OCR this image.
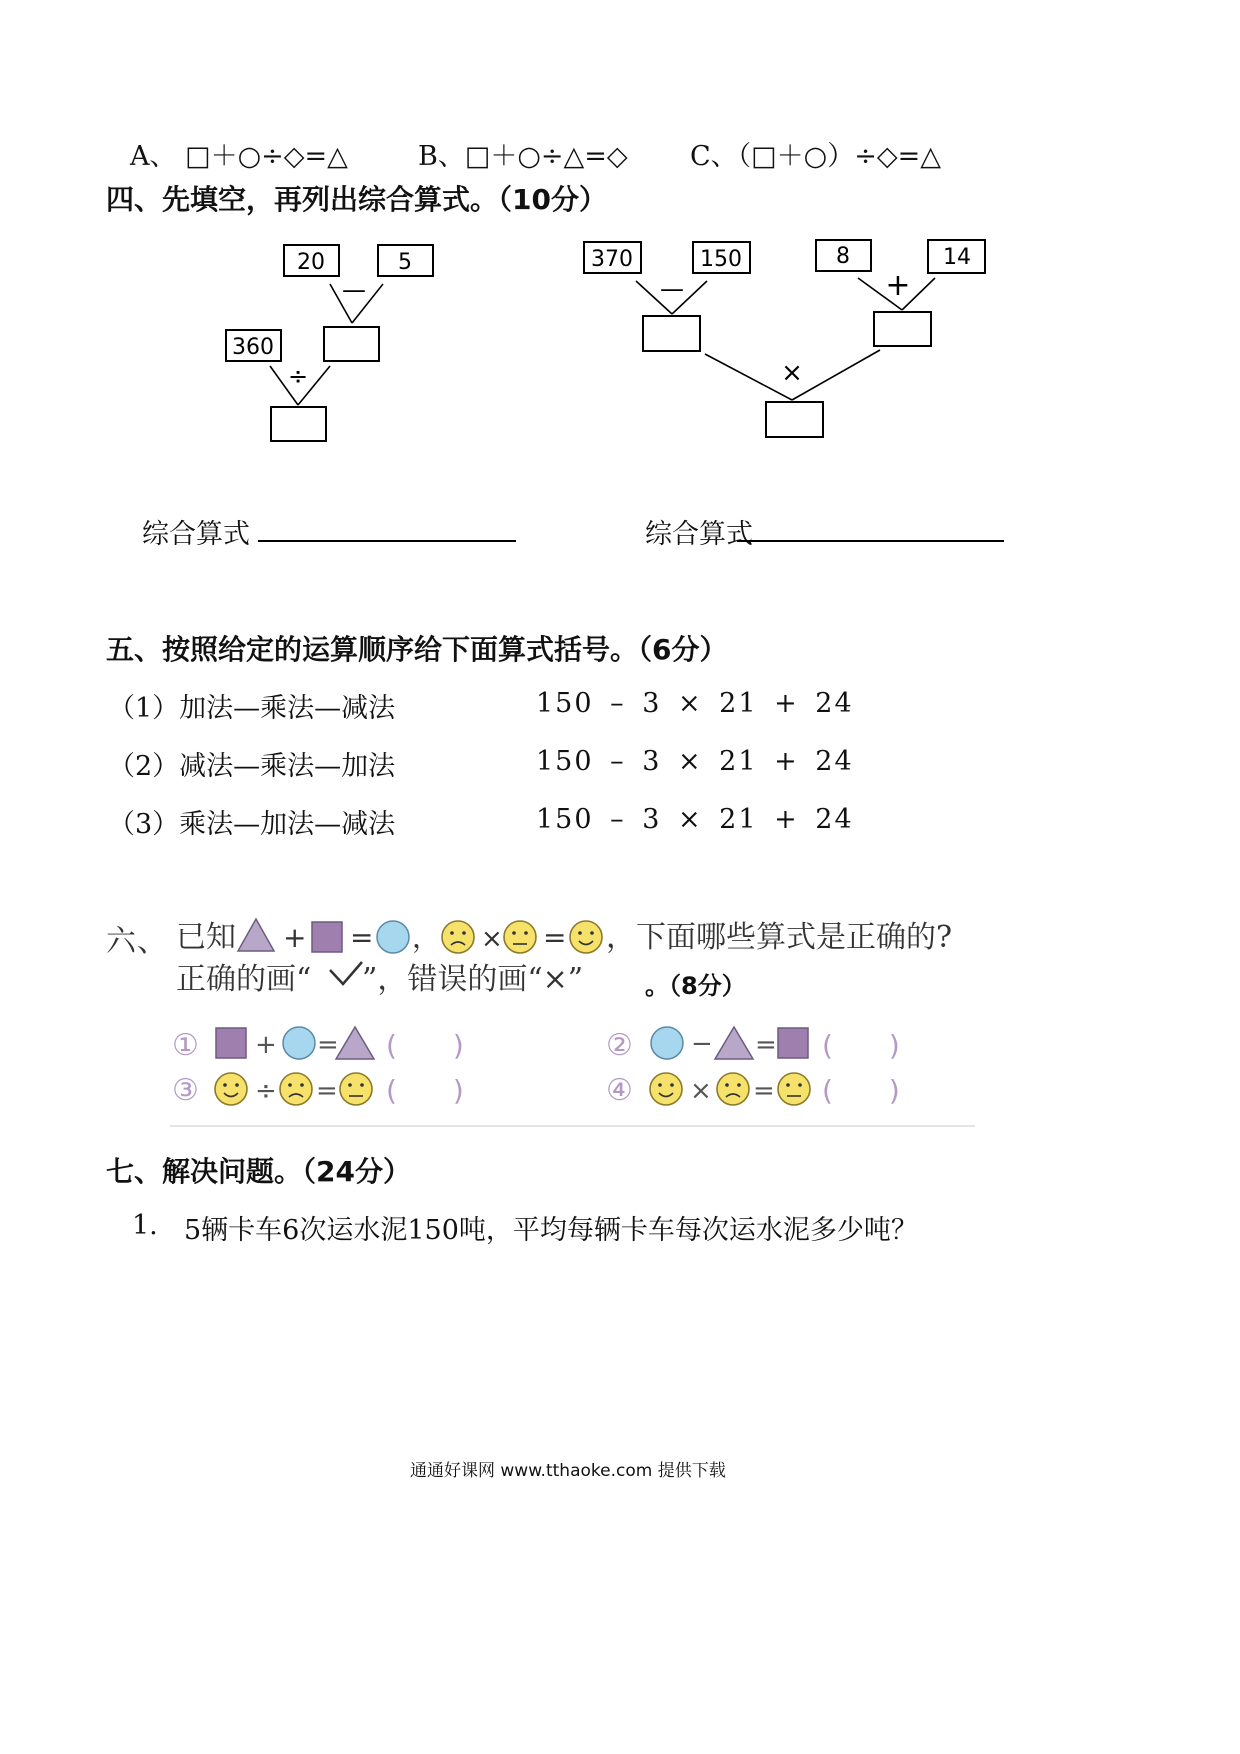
A、 □＋○÷◇=△	B、□＋○÷△=◇ C、（□＋○）÷◇=△
四、先填空，再列出综合算式。（10分）
20	5
360
370	150	8	14
—
÷
—	+
×
综合算式	综合算式
五、按照给定的运算顺序给下面算式括号。（6分）
（1）加法—乘法—减法	150 – 3 × 21 + 24
（2）减法—乘法—加法	150 – 3 × 21 + 24
（3）乘法—加法—减法	150 – 3 × 21 + 24
六、 已知 + = ， × = ，下面哪些算式是正确的?
正确的画“ ”，错误的画“×”	。（8分）
① + = (　　)	② − = (　　)
③ ÷ = (　　)	④ × = (　　)
七、解决问题。（24分）
1. 5辆卡车6次运水泥150吨，平均每辆卡车每次运水泥多少吨？
通通好课网 www.tthaoke.com 提供下载
